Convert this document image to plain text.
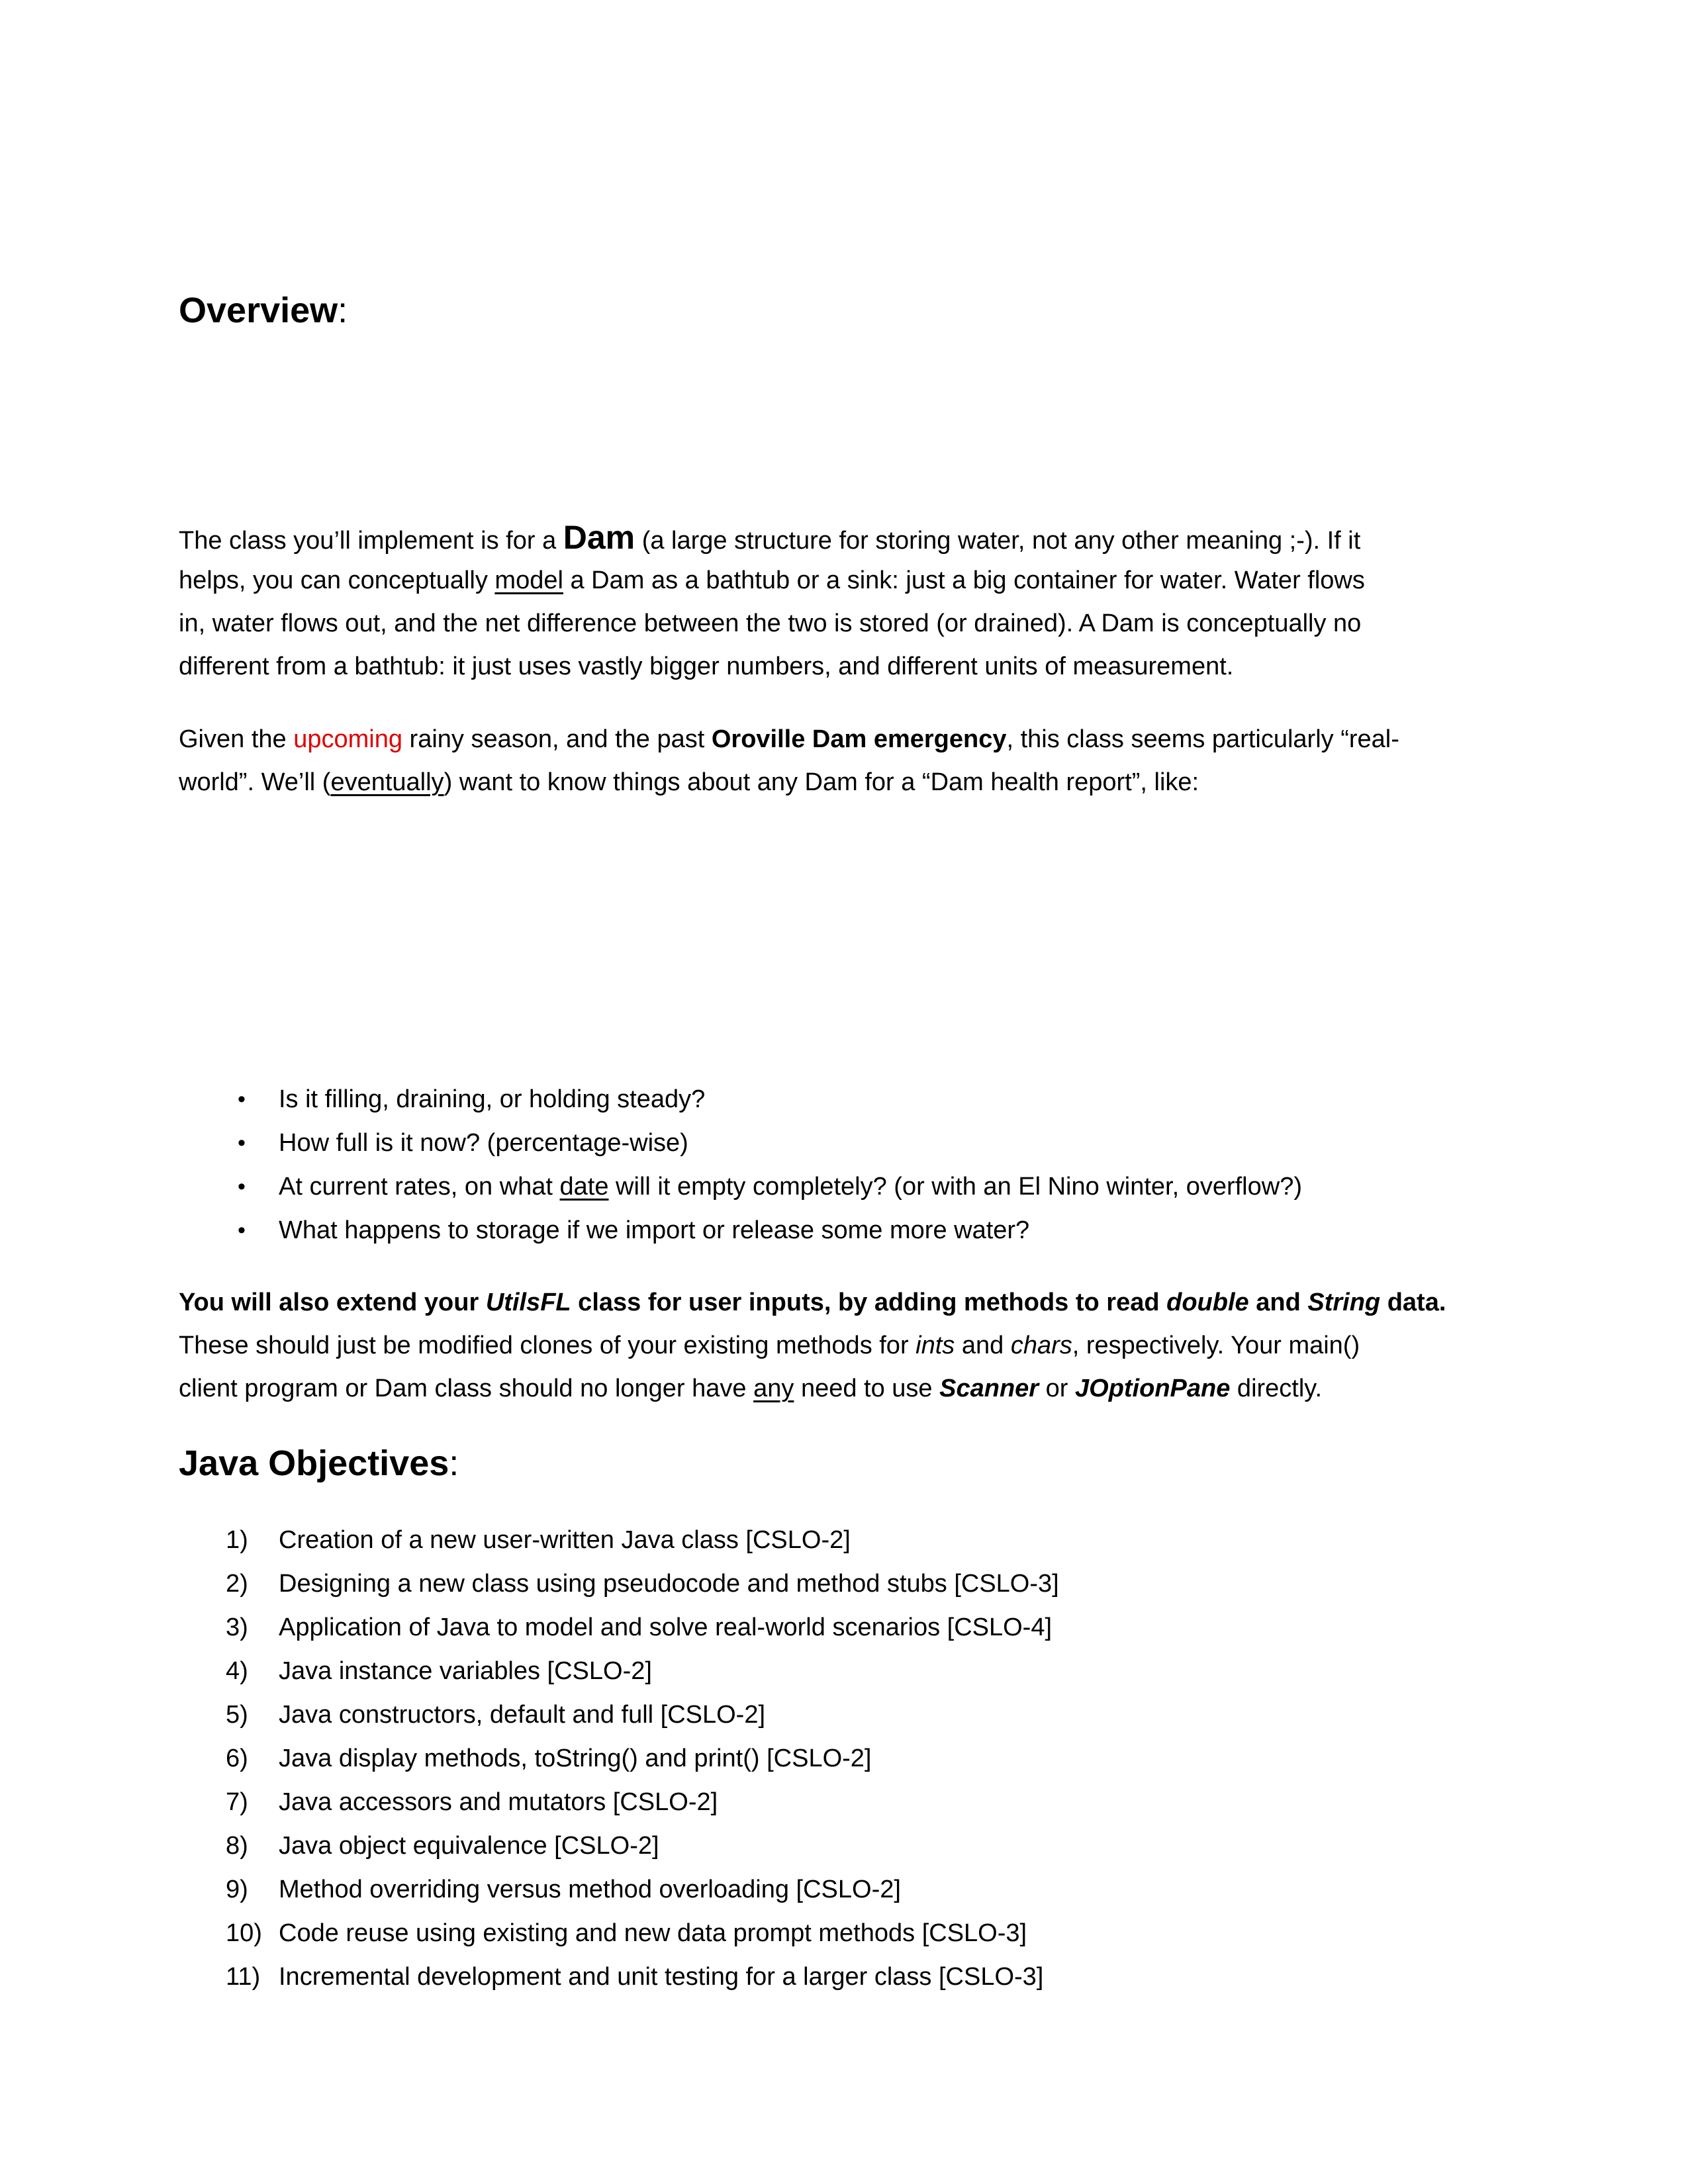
Overview:
The class you’ll implement is for a Dam (a large structure for storing water, not any other meaning ;-). If it
helps, you can conceptually model a Dam as a bathtub or a sink: just a big container for water. Water flows
in, water flows out, and the net difference between the two is stored (or drained). A Dam is conceptually no
different from a bathtub: it just uses vastly bigger numbers, and different units of measurement.
Given the upcoming rainy season, and the past Oroville Dam emergency, this class seems particularly “real-
world”. We’ll (eventually) want to know things about any Dam for a “Dam health report”, like:
•	Is it filling, draining, or holding steady?
•	How full is it now? (percentage-wise)
•	At current rates, on what date will it empty completely? (or with an El Nino winter, overflow?)
•	What happens to storage if we import or release some more water?
You will also extend your UtilsFL class for user inputs, by adding methods to read double and String data.
These should just be modified clones of your existing methods for ints and chars, respectively. Your main()
client program or Dam class should no longer have any need to use Scanner or JOptionPane directly.
Java Objectives:
1)	Creation of a new user-written Java class [CSLO-2]
2)	Designing a new class using pseudocode and method stubs [CSLO-3]
3)	Application of Java to model and solve real-world scenarios [CSLO-4]
4)	Java instance variables [CSLO-2]
5)	Java constructors, default and full [CSLO-2]
6)	Java display methods, toString() and print() [CSLO-2]
7)	Java accessors and mutators [CSLO-2]
8)	Java object equivalence [CSLO-2]
9)	Method overriding versus method overloading [CSLO-2]
10) Code reuse using existing and new data prompt methods [CSLO-3]
11) Incremental development and unit testing for a larger class [CSLO-3]
